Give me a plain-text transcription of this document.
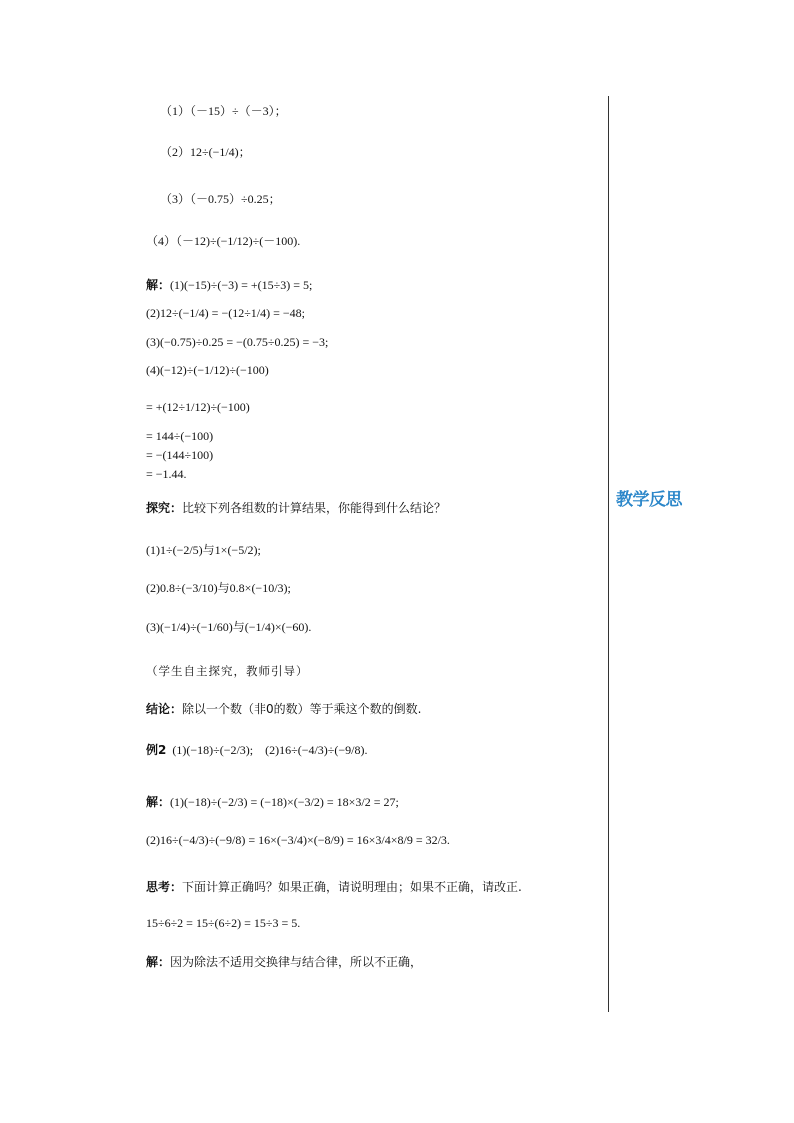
教学反思
（1）（－15）÷（－3）；
（2）12÷(−1/4)；
（3）（－0.75）÷0.25；
（4）（－12)÷(−1/12)÷(－100).
解：(1)(−15)÷(−3) = +(15÷3) = 5;
(2)12÷(−1/4) = −(12÷1/4) = −48;
(3)(−0.75)÷0.25 = −(0.75÷0.25) = −3;
(4)(−12)÷(−1/12)÷(−100)
= +(12÷1/12)÷(−100)
= 144÷(−100)
= −(144÷100)
= −1.44.
探究：比较下列各组数的计算结果，你能得到什么结论？
(1)1÷(−2/5)与1×(−5/2);
(2)0.8÷(−3/10)与0.8×(−10/3);
(3)(−1/4)÷(−1/60)与(−1/4)×(−60).
（学生自主探究，教师引导）
结论：除以一个数（非0的数）等于乘这个数的倒数.
例2 (1)(−18)÷(−2/3);　(2)16÷(−4/3)÷(−9/8).
解：(1)(−18)÷(−2/3) = (−18)×(−3/2) = 18×3/2 = 27;
(2)16÷(−4/3)÷(−9/8) = 16×(−3/4)×(−8/9) = 16×3/4×8/9 = 32/3.
思考：下面计算正确吗？如果正确，请说明理由；如果不正确，请改正.
15÷6÷2 = 15÷(6÷2) = 15÷3 = 5.
解：因为除法不适用交换律与结合律，所以不正确，
